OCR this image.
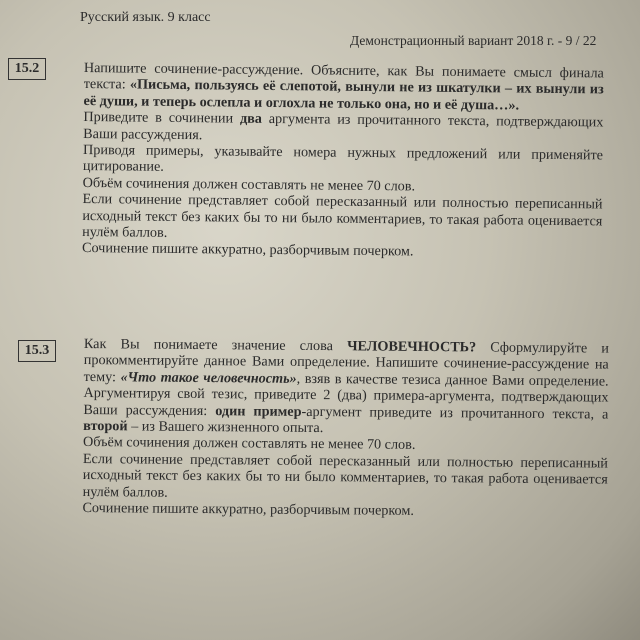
Русский язык. 9 класс
Демонстрационный вариант 2018 г. - 9 / 22
15.2	Напишите сочинение-рассуждение. Объясните, как Вы понимаете смысл финала текста: «Письма, пользуясь её слепотой, вынули не из шкатулки – их вынули из её души, и теперь ослепла и оглохла не только она, но и её душа…».

Приведите в сочинении два аргумента из прочитанного текста, подтверждающих Ваши рассуждения.

Приводя примеры, указывайте номера нужных предложений или применяйте цитирование.

Объём сочинения должен составлять не менее 70 слов.

Если сочинение представляет собой пересказанный или полностью переписанный исходный текст без каких бы то ни было комментариев, то такая работа оценивается нулём баллов.

Сочинение пишите аккуратно, разборчивым почерком.

15.3	Как Вы понимаете значение слова ЧЕЛОВЕЧНОСТЬ? Сформулируйте и прокомментируйте данное Вами определение. Напишите сочинение-рассуждение на тему: «Что такое человечность», взяв в качестве тезиса данное Вами определение. Аргументируя свой тезис, приведите 2 (два) примера-аргумента, подтверждающих Ваши рассуждения: один пример-аргумент приведите из прочитанного текста, а второй – из Вашего жизненного опыта.

Объём сочинения должен составлять не менее 70 слов.

Если сочинение представляет собой пересказанный или полностью переписанный исходный текст без каких бы то ни было комментариев, то такая работа оценивается нулём баллов.

Сочинение пишите аккуратно, разборчивым почерком.
